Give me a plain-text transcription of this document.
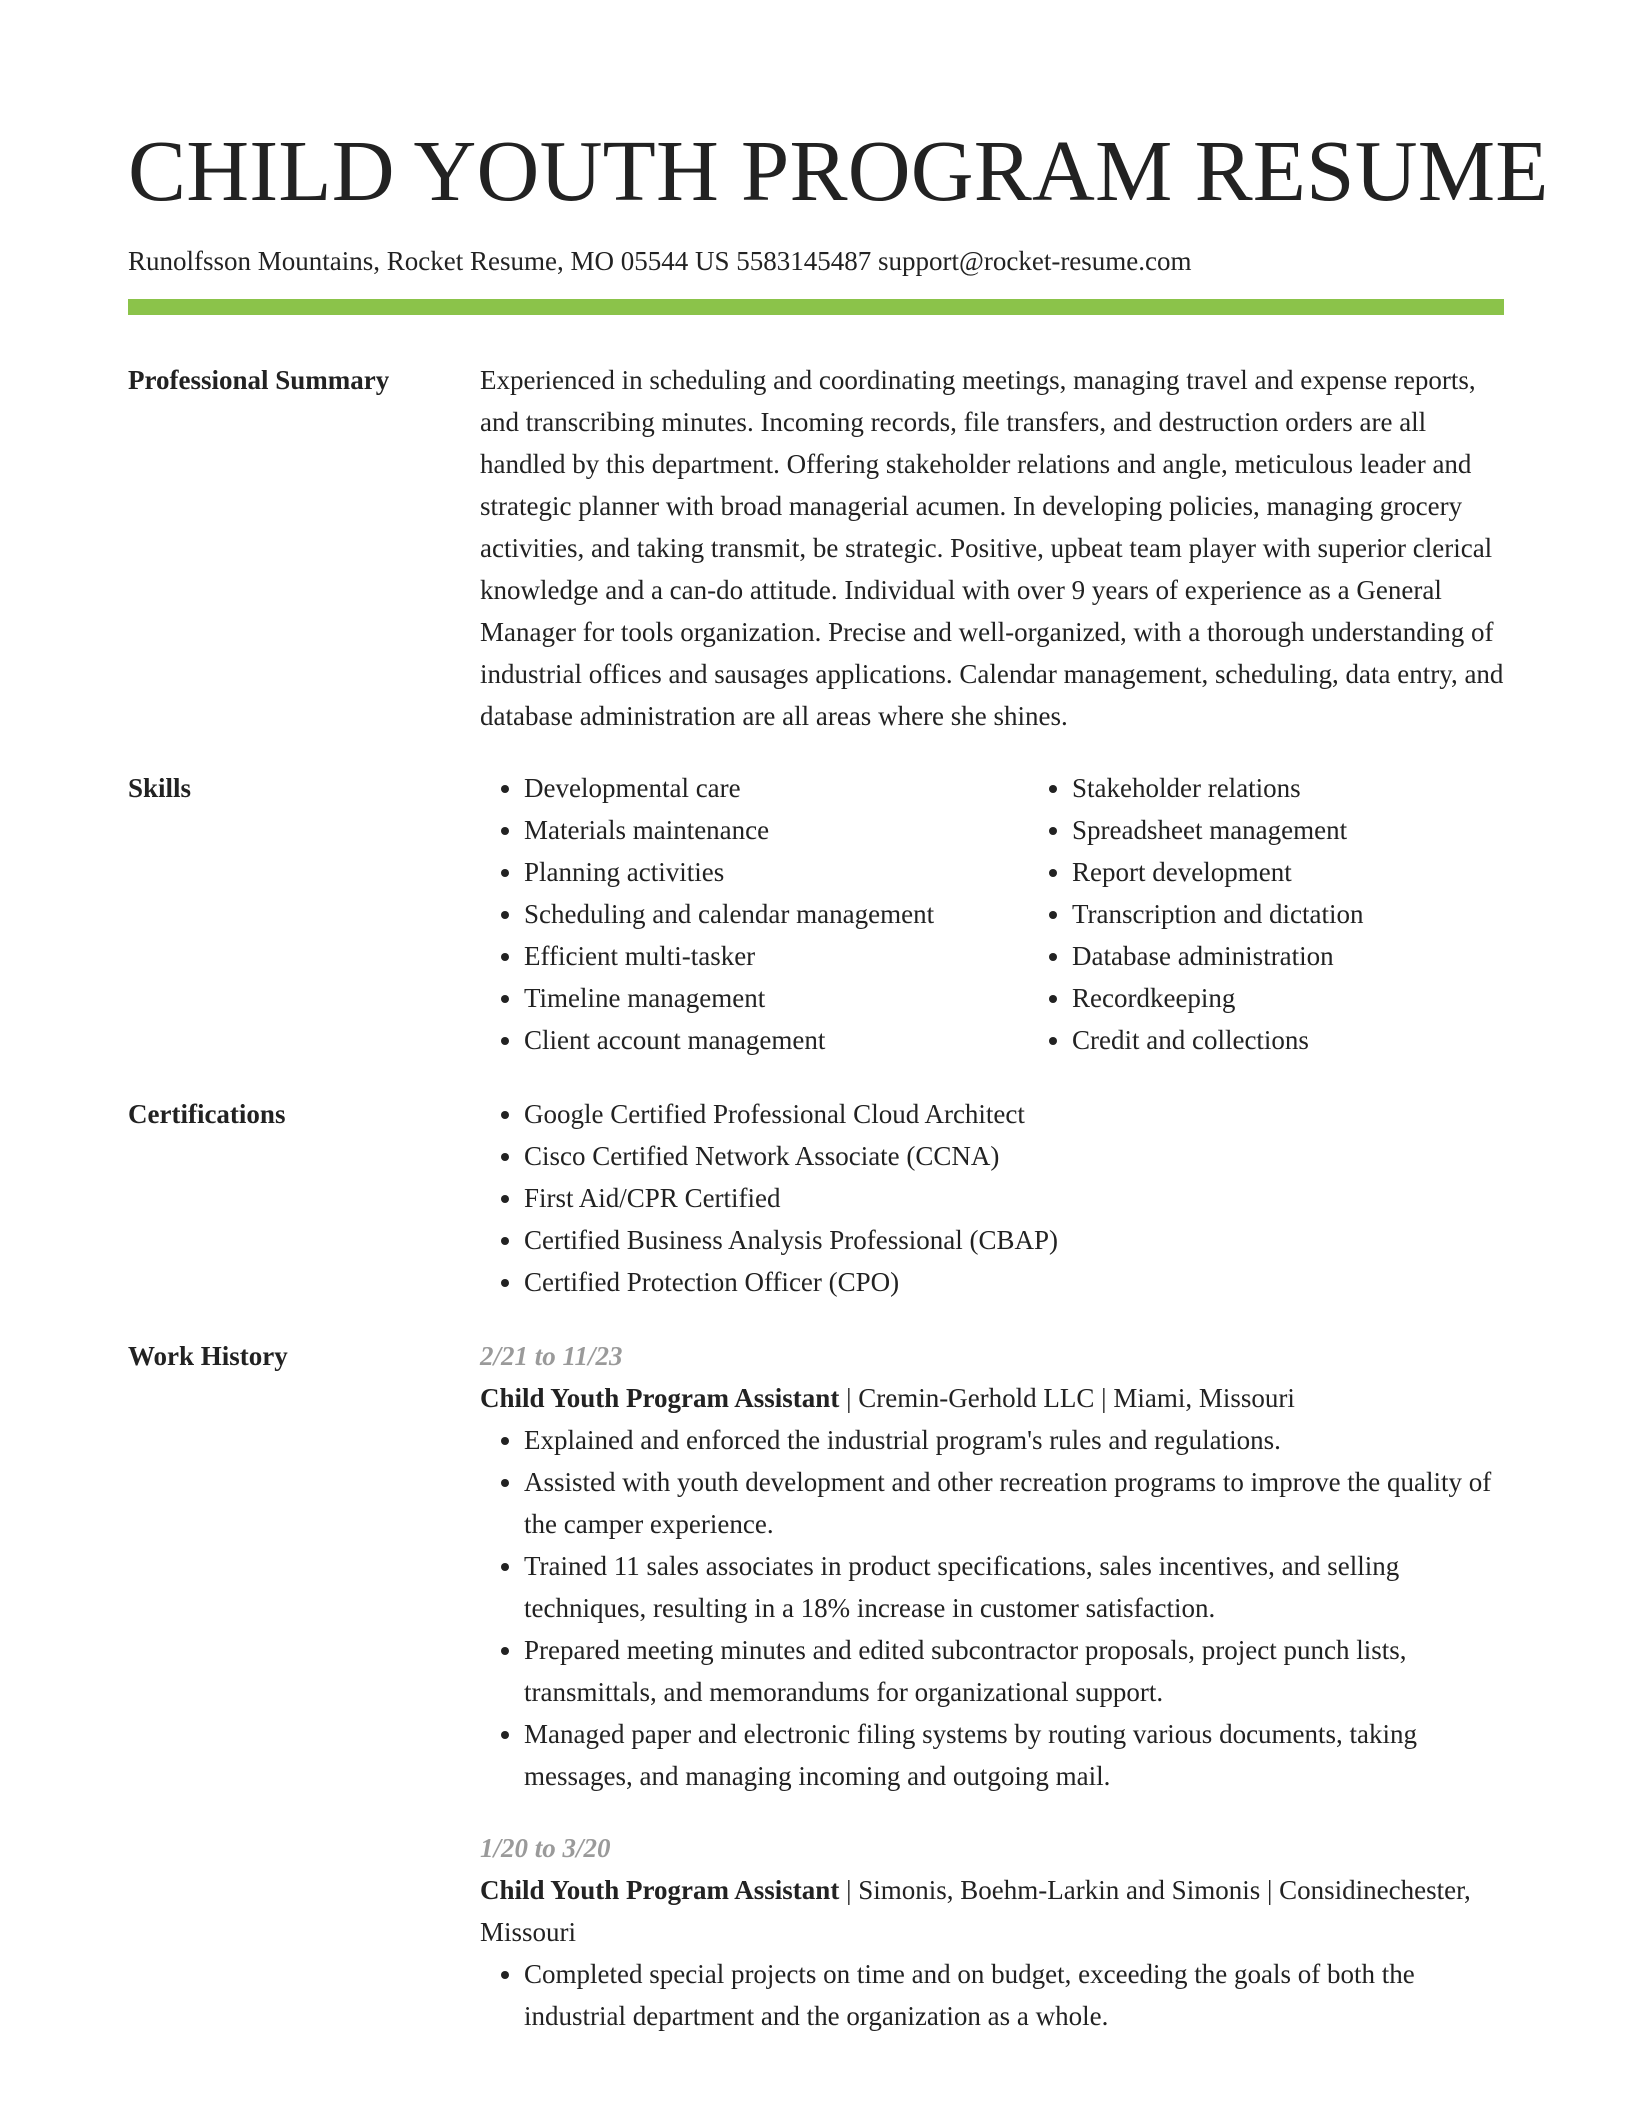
CHILD YOUTH PROGRAM RESUME
Runolfsson Mountains, Rocket Resume, MO 05544 US 5583145487 support@rocket-resume.com
Professional Summary	Experienced in scheduling and coordinating meetings, managing travel and expense reports, and transcribing minutes. Incoming records, file transfers, and destruction orders are all handled by this department. Offering stakeholder relations and angle, meticulous leader and strategic planner with broad managerial acumen. In developing policies, managing grocery activities, and taking transmit, be strategic. Positive, upbeat team player with superior clerical knowledge and a can-do attitude. Individual with over 9 years of experience as a General Manager for tools organization. Precise and well-organized, with a thorough understanding of industrial offices and sausages applications. Calendar management, scheduling, data entry, and database administration are all areas where she shines.

Skills	• Developmental care
• Materials maintenance
• Planning activities
• Scheduling and calendar management
• Efficient multi-tasker
• Timeline management
• Client account management
• Stakeholder relations
• Spreadsheet management
• Report development
• Transcription and dictation
• Database administration
• Recordkeeping
• Credit and collections
Certifications	• Google Certified Professional Cloud Architect
• Cisco Certified Network Associate (CCNA)
• First Aid/CPR Certified
• Certified Business Analysis Professional (CBAP)
• Certified Protection Officer (CPO)
Work History	2/21 to 11/23

Child Youth Program Assistant | Cremin-Gerhold LLC | Miami, Missouri

• Explained and enforced the industrial program's rules and regulations.
• Assisted with youth development and other recreation programs to improve the quality of the camper experience.
• Trained 11 sales associates in product specifications, sales incentives, and selling techniques, resulting in a 18% increase in customer satisfaction.
• Prepared meeting minutes and edited subcontractor proposals, project punch lists, transmittals, and memorandums for organizational support.
• Managed paper and electronic filing systems by routing various documents, taking messages, and managing incoming and outgoing mail.
1/20 to 3/20

Child Youth Program Assistant | Simonis, Boehm-Larkin and Simonis | Considinechester, Missouri

• Completed special projects on time and on budget, exceeding the goals of both the industrial department and the organization as a whole.
